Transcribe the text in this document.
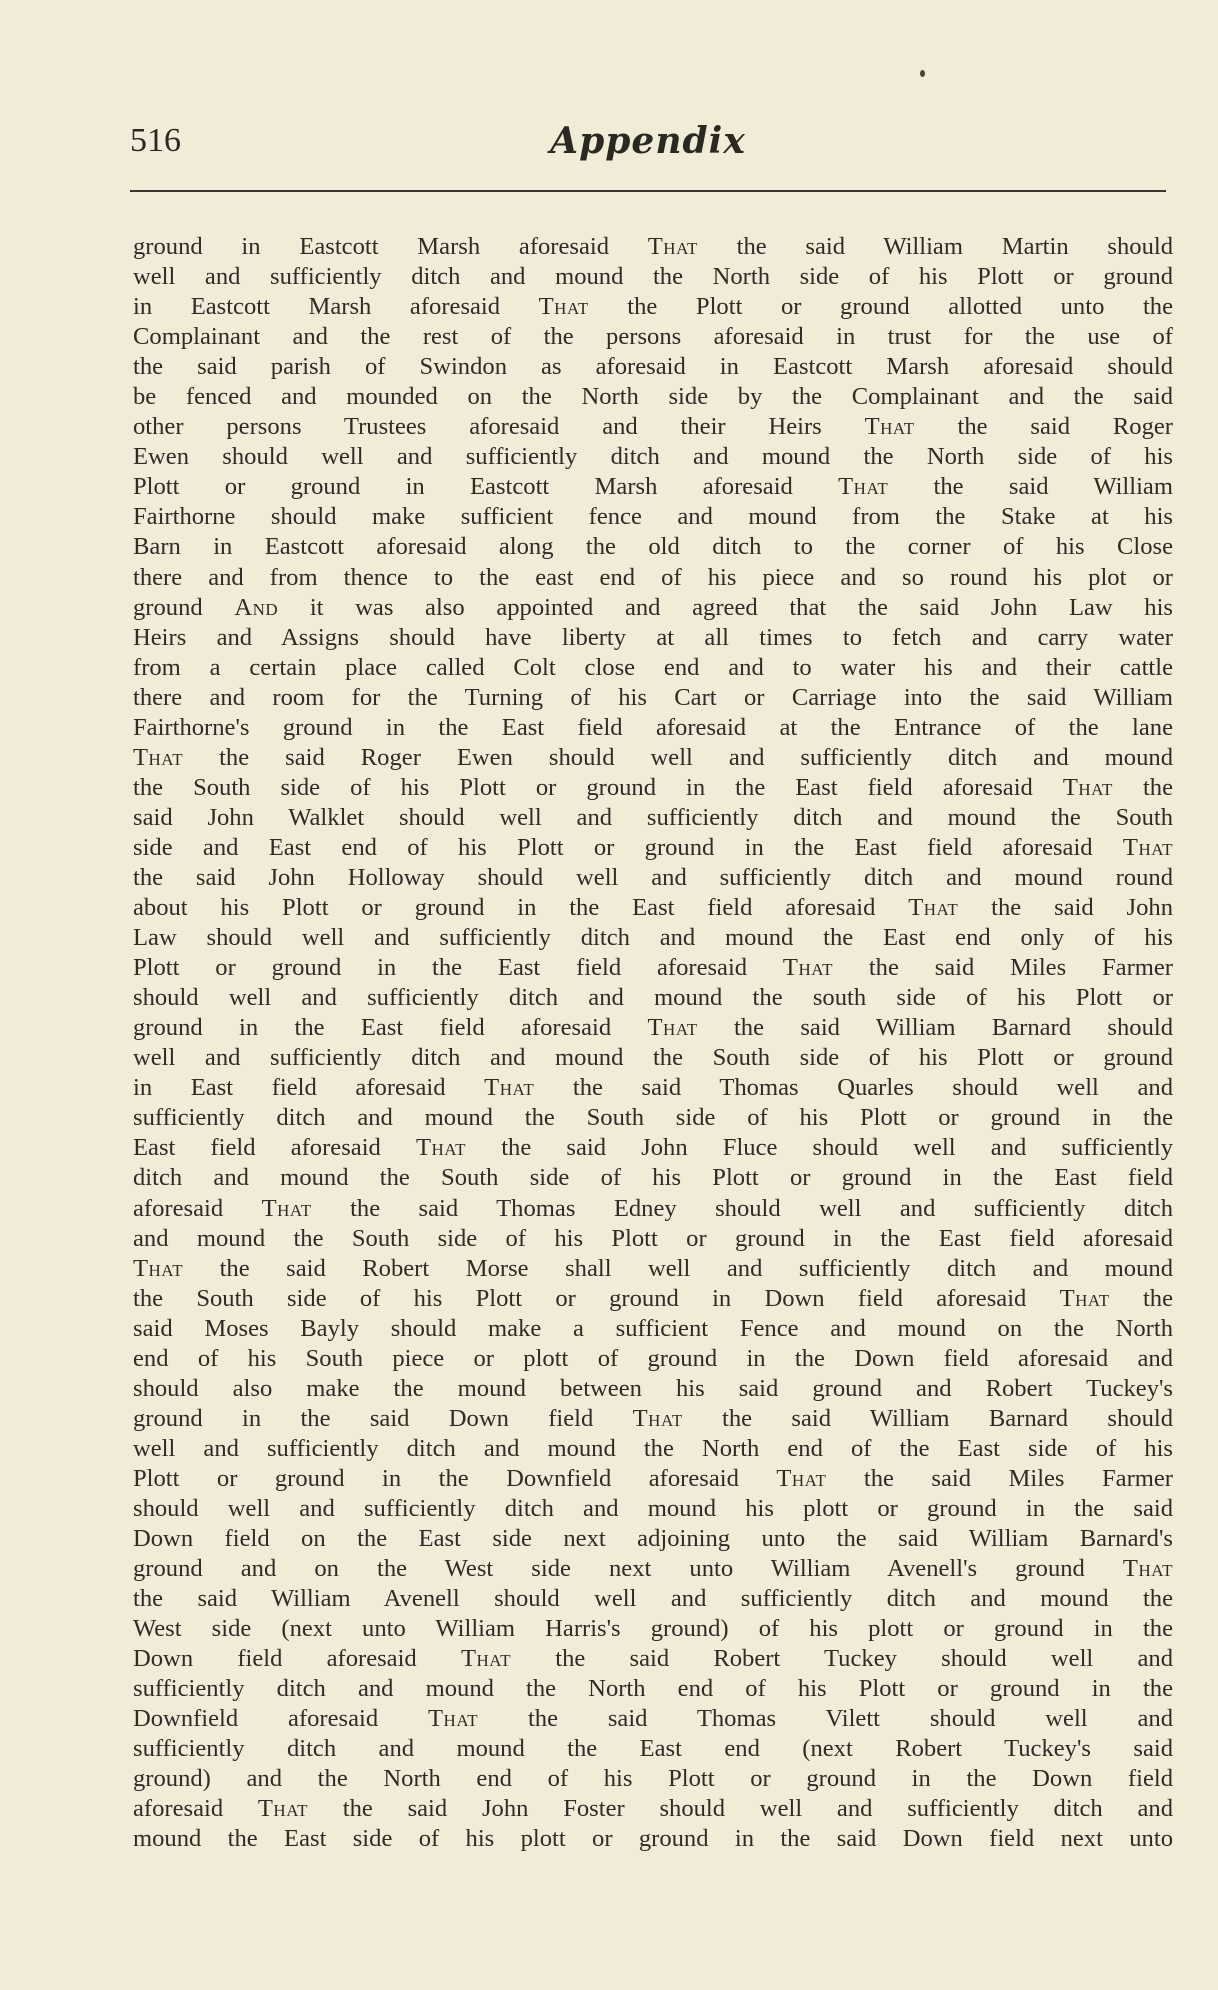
516	Appendix
ground in Eastcott Marsh aforesaid That the said William Martin should
well and sufficiently ditch and mound the North side of his Plott or ground
in Eastcott Marsh aforesaid That the Plott or ground allotted unto the
Complainant and the rest of the persons aforesaid in trust for the use of
the said parish of Swindon as aforesaid in Eastcott Marsh aforesaid should
be fenced and mounded on the North side by the Complainant and the said
other persons Trustees aforesaid and their Heirs That the said Roger
Ewen should well and sufficiently ditch and mound the North side of his
Plott or ground in Eastcott Marsh aforesaid That the said William
Fairthorne should make sufficient fence and mound from the Stake at his
Barn in Eastcott aforesaid along the old ditch to the corner of his Close
there and from thence to the east end of his piece and so round his plot or
ground And it was also appointed and agreed that the said John Law his
Heirs and Assigns should have liberty at all times to fetch and carry water
from a certain place called Colt close end and to water his and their cattle
there and room for the Turning of his Cart or Carriage into the said William
Fairthorne's ground in the East field aforesaid at the Entrance of the lane
That the said Roger Ewen should well and sufficiently ditch and mound
the South side of his Plott or ground in the East field aforesaid That the
said John Walklet should well and sufficiently ditch and mound the South
side and East end of his Plott or ground in the East field aforesaid That
the said John Holloway should well and sufficiently ditch and mound round
about his Plott or ground in the East field aforesaid That the said John
Law should well and sufficiently ditch and mound the East end only of his
Plott or ground in the East field aforesaid That the said Miles Farmer
should well and sufficiently ditch and mound the south side of his Plott or
ground in the East field aforesaid That the said William Barnard should
well and sufficiently ditch and mound the South side of his Plott or ground
in East field aforesaid That the said Thomas Quarles should well and
sufficiently ditch and mound the South side of his Plott or ground in the
East field aforesaid That the said John Fluce should well and sufficiently
ditch and mound the South side of his Plott or ground in the East field
aforesaid That the said Thomas Edney should well and sufficiently ditch
and mound the South side of his Plott or ground in the East field aforesaid
That the said Robert Morse shall well and sufficiently ditch and mound
the South side of his Plott or ground in Down field aforesaid That the
said Moses Bayly should make a sufficient Fence and mound on the North
end of his South piece or plott of ground in the Down field aforesaid and
should also make the mound between his said ground and Robert Tuckey's
ground in the said Down field That the said William Barnard should
well and sufficiently ditch and mound the North end of the East side of his
Plott or ground in the Downfield aforesaid That the said Miles Farmer
should well and sufficiently ditch and mound his plott or ground in the said
Down field on the East side next adjoining unto the said William Barnard's
ground and on the West side next unto William Avenell's ground That
the said William Avenell should well and sufficiently ditch and mound the
West side (next unto William Harris's ground) of his plott or ground in the
Down field aforesaid That the said Robert Tuckey should well and
sufficiently ditch and mound the North end of his Plott or ground in the
Downfield aforesaid That the said Thomas Vilett should well and
sufficiently ditch and mound the East end (next Robert Tuckey's said
ground) and the North end of his Plott or ground in the Down field
aforesaid That the said John Foster should well and sufficiently ditch and
mound the East side of his plott or ground in the said Down field next unto
